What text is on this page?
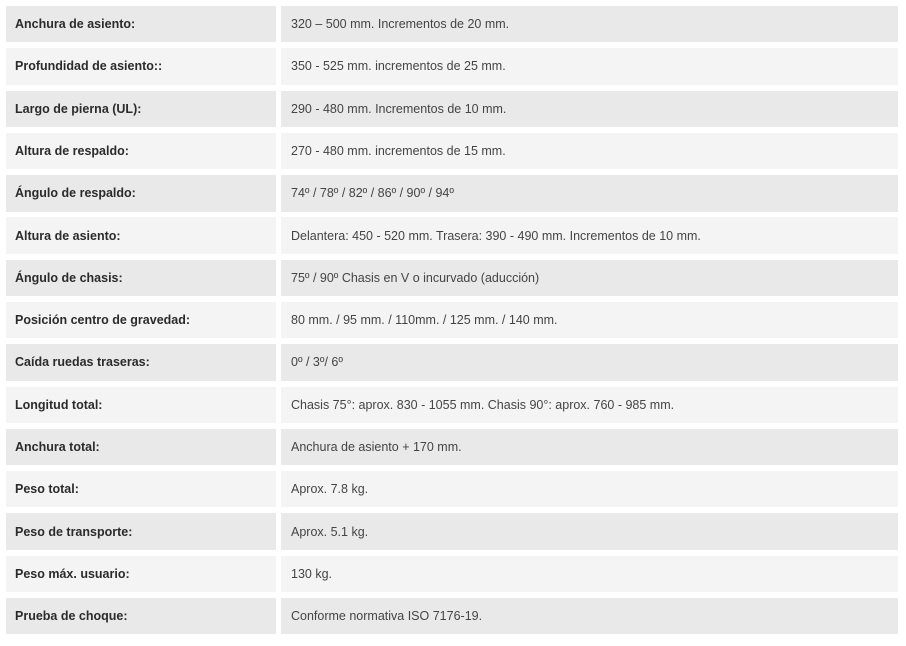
Anchura de asiento:	320 – 500 mm. Incrementos de 20 mm.
Profundidad de asiento::	350 - 525 mm. incrementos de 25 mm.
Largo de pierna (UL):	290 - 480 mm. Incrementos de 10 mm.
Altura de respaldo:	270 - 480 mm. incrementos de 15 mm.
Ángulo de respaldo:	74º / 78º / 82º / 86º / 90º / 94º
Altura de asiento:	Delantera: 450 - 520 mm. Trasera: 390 - 490 mm. Incrementos de 10 mm.
Ángulo de chasis:	75º / 90º Chasis en V o incurvado (aducción)
Posición centro de gravedad:	80 mm. / 95 mm. / 110mm. / 125 mm. / 140 mm.
Caída ruedas traseras:	0º / 3º/ 6º
Longitud total:	Chasis 75°: aprox. 830 - 1055 mm. Chasis 90°: aprox. 760 - 985 mm.
Anchura total:	Anchura de asiento + 170 mm.
Peso total:	Aprox. 7.8 kg.
Peso de transporte:	Aprox. 5.1 kg.
Peso máx. usuario:	130 kg.
Prueba de choque:	Conforme normativa ISO 7176-19.
